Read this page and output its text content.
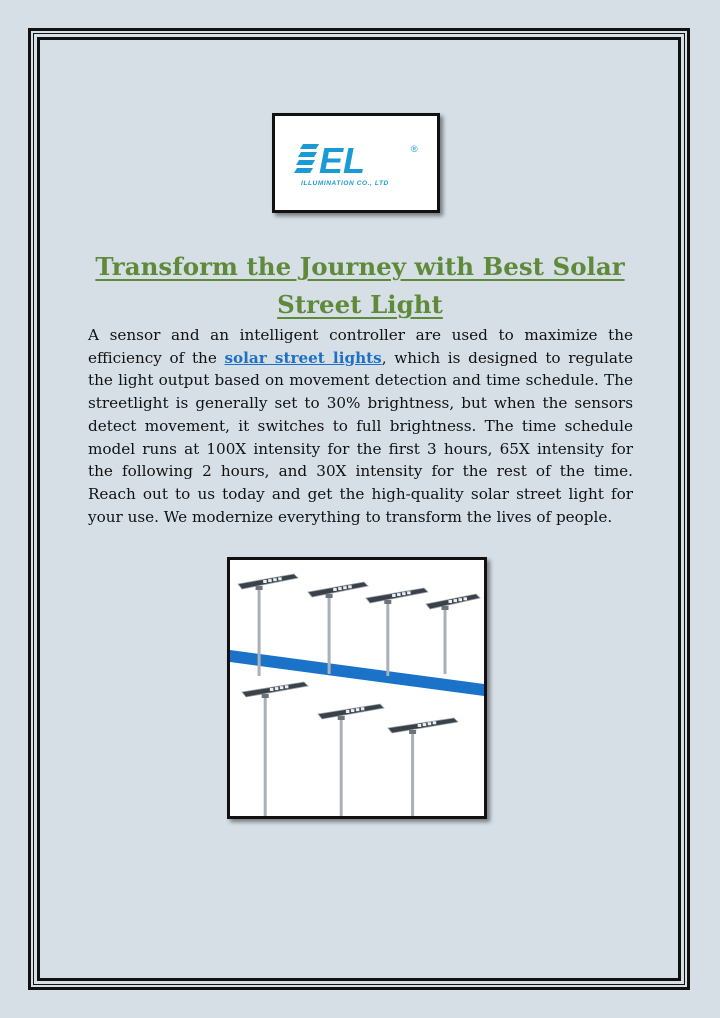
EL	®
ILLUMINATION CO., LTD
Transform the Journey with Best Solar Street Light

A sensor and an intelligent controller are used to maximize the efficiency of the solar street lights, which is designed to regulate the light output based on movement detection and time schedule. The streetlight is generally set to 30% brightness, but when the sensors detect movement, it switches to full brightness. The time schedule model runs at 100X intensity for the first 3 hours, 65X intensity for the following 2 hours, and 30X intensity for the rest of the time. Reach out to us today and get the high-quality solar street light for your use. We modernize everything to transform the lives of people.
